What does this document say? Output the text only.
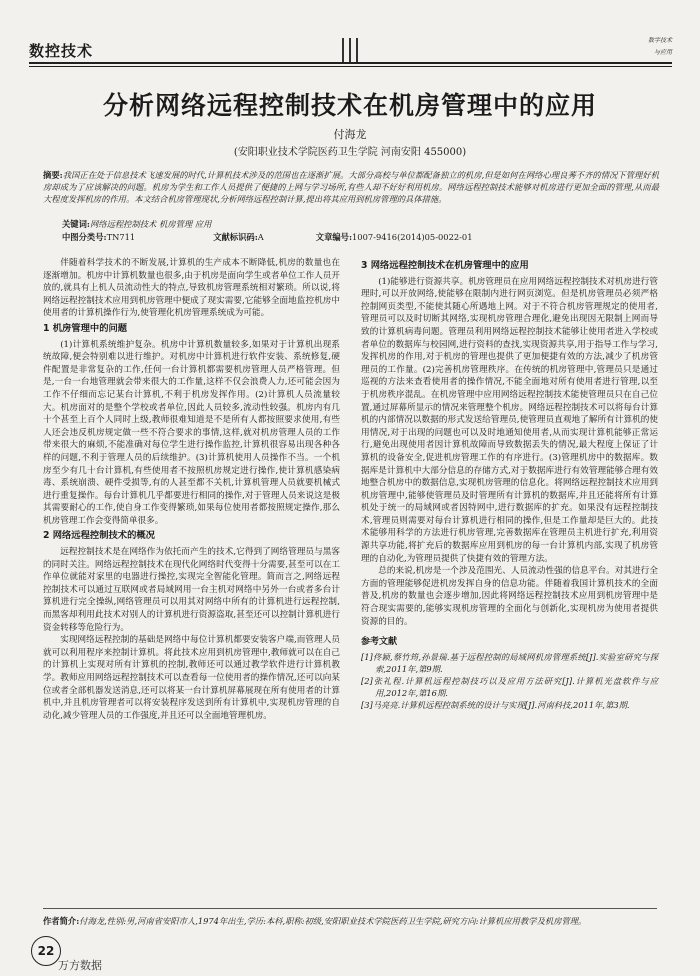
数控技术
数字技术
与应用
分析网络远程控制技术在机房管理中的应用
付海龙
(安阳职业技术学院医药卫生学院 河南安阳 455000)
摘要:我国正在处于信息技术飞速发展的时代,计算机技术涉及的范围也在逐渐扩展。大部分高校与单位都配备独立的机房,但是如何在网络心理良莠不齐的情况下管理好机房却成为了应该解决的问题。机房为学生和工作人员提供了便捷的上网与学习场所,有些人却不好好利用机房。网络远程控制技术能够对机房进行更加全面的管理,从而最大程度发挥机房的作用。本文结合机房管理现状,分析网络远程控制计算,提出将其应用到机房管理的具体措施。
关键词:网络远程控制技术 机房管理 应用
中图分类号:TN711	文献标识码:A	文章编号:1007-9416(2014)05-0022-01

伴随着科学技术的不断发展,计算机的生产成本不断降低,机房的数量也在逐渐增加。机房中计算机数量也很多,由于机房是面向学生或者单位工作人员开放的,就具有上机人员流动性大的特点,导致机房管理系统相对繁琐。所以说,将网络远程控制技术应用到机房管理中便成了现实需要,它能够全面地监控机房中使用者的计算机操作行为,使管理化机房管理系统成为可能。

1 机房管理中的问题

(1)计算机系统维护复杂。机房中计算机数量较多,如果对于计算机出现系统故障,便会特别难以进行维护。对机房中计算机进行软件安装、系统修复,硬件配置是非常复杂的工作,任何一台计算机都需要机房管理人员严格管理。但是,一台一台地管理就会带来很大的工作量,这样不仅会浪费人力,还可能会因为工作不仔细而忘记某台计算机,不利于机房发挥作用。(2)计算机人员流量较大。机房面对的是整个学校或者单位,因此人员较多,流动性较强。机房内有几十个甚至上百个人同时上级,教师很难知道是不是所有人都按照要求使用,有些人还会违反机房规定做一些不符合要求的事情,这样,就对机房管理人员的工作带来很大的麻烦,不能准确对每位学生进行操作监控,计算机很容易出现各种各样的问题,不利于管理人员的后续维护。(3)计算机使用人员操作不当。一个机房至少有几十台计算机,有些使用者不按照机房规定进行操作,使计算机感染病毒、系统崩溃、硬件受损等,有的人甚至都不关机,计算机管理人员就要机械式进行重复操作。每台计算机几乎都要进行相同的操作,对于管理人员来说这是极其需要耐心的工作,使自身工作变得繁琐,如果每位使用者都按照规定操作,那么机房管理工作会变得简单很多。

2 网络远程控制技术的概况

远程控制技术是在网络作为依托而产生的技术,它得到了网络管理员与黑客的同时关注。网络远程控制技术在现代化网络时代变得十分需要,甚至可以在工作单位就能对家里的电器进行操控,实现完全智能化管理。简而言之,网络远程控制技术可以通过互联网或者局域网用一台主机对网络中另外一台或者多台计算机进行完全操纵,网络管理员可以用其对网络中所有的计算机进行远程控制,而黑客却利用此技术对别人的计算机进行资源盗取,甚至还可以控制计算机进行资金转移等危险行为。

实现网络远程控制的基础是网络中每位计算机都要安装客户端,而管理人员就可以利用程序来控制计算机。将此技术应用到机房管理中,教师就可以在自己的计算机上实现对所有计算机的控制,教师还可以通过教学软件进行计算机教学。教师应用网络远程控制技术可以查看每一位使用者的操作情况,还可以向某位或者全部机器发送消息,还可以将某一台计算机屏幕展现在所有使用者的计算机中,并且机房管理者可以将安装程序发送到所有计算机中,实现机房管理的自动化,减少管理人员的工作强度,并且还可以全面地管理机房。

3 网络远程控制技术在机房管理中的应用

(1)能够进行资源共享。机房管理员在应用网络远程控制技术对机房进行管理时,可以开放网络,使能够在限制内进行网页浏览。但是机房管理员必须严格控制网页类型,不能使其随心所遇地上网。对于不符合机房管理规定的使用者,管理员可以及时切断其网络,实现机房管理合理化,避免出现因无限制上网而导致的计算机病毒问题。管理员利用网络远程控制技术能够让使用者进入学校或者单位的数据库与校园网,进行资料的查找,实现资源共享,用于指导工作与学习,发挥机房的作用,对于机房的管理也提供了更加便捷有效的方法,减少了机房管理员的工作量。(2)完善机房管理秩序。在传统的机房管理中,管理员只是通过巡视的方法来查看使用者的操作情况,不能全面地对所有使用者进行管理,以至于机房秩序混乱。在机房管理中应用网络远程控制技术能使管理员只在自己位置,通过屏幕所显示的情况来管理整个机房。网络远程控制技术可以将每台计算机的内部情况以数据的形式发送给管理员,使管理员直观地了解所有计算机的使用情况,对于出现的问题也可以及时地通知使用者,从而实现计算机能够正常运行,避免出现使用者因计算机故障而导致数据丢失的情况,最大程度上保证了计算机的设备安全,促进机房管理工作的有序进行。(3)管理机房中的数据库。数据库是计算机中大部分信息的存储方式,对于数据库进行有效管理能够合理有效地整合机房中的数据信息,实现机房管理的信息化。将网络远程控制技术应用到机房管理中,能够使管理员及时管理所有计算机的数据库,并且还能将所有计算机处于统一的局域网或者因特网中,进行数据库的扩充。如果没有远程控制技术,管理员则需要对每台计算机进行相同的操作,但是工作量却是巨大的。此技术能够用科学的方法进行机房管理,完善数据库在管理员主机进行扩充,利用资源共享功能,将扩充后的数据库应用到机房的每一台计算机内部,实现了机房管理的自动化,为管理员提供了快捷有效的管理方法。

总的来说,机房是一个涉及范围光、人员流动性强的信息平台。对其进行全方面的管理能够促进机房发挥自身的信息功能。伴随着我国计算机技术的全面普及,机房的数量也会逐步增加,因此将网络远程控制技术应用到机房管理中是符合现实需要的,能够实现机房管理的全面化与创新化,实现机房为使用者提供资源的目的。

参考文献
[1]佟颖,蔡竹筠,孙景瑞.基于远程控制的局域网机房管理系统[J].实验室研究与探索,2011年,第9期.
[2]张礼程.计算机远程控制技巧以及应用方法研究[J].计算机光盘软件与应用,2012年,第16期.
[3]马亮亮.计算机远程控制系统的设计与实现[J].河南科技,2011年,第3期.
作者简介:付海龙,性别:男,河南省安阳市人,1974年出生,学历:本科,职称:初级,安阳职业技术学院医药卫生学院,研究方向:计算机应用教学及机房管理。
22
万方数据
